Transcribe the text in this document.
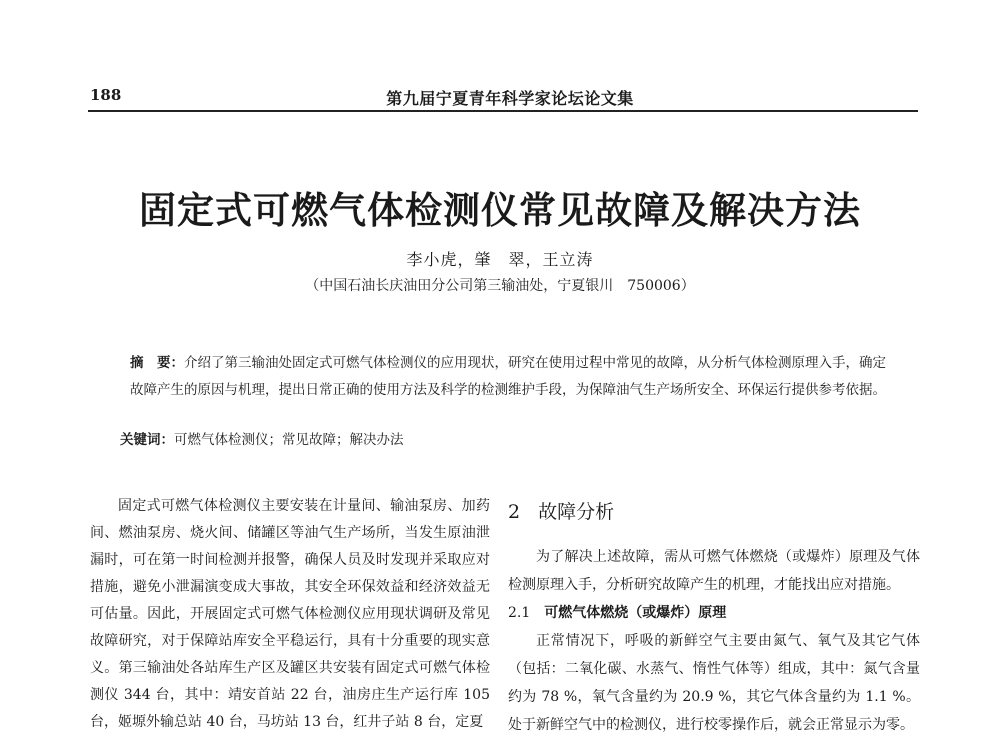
188	第九届宁夏青年科学家论坛论文集
固定式可燃气体检测仪常见故障及解决方法
李小虎，肇　翠，王立涛
（中国石油长庆油田分公司第三输油处，宁夏银川　750006）
摘　要：介绍了第三输油处固定式可燃气体检测仪的应用现状，研究在使用过程中常见的故障，从分析气体检测原理入手，确定故障产生的原因与机理，提出日常正确的使用方法及科学的检测维护手段，为保障油气生产场所安全、环保运行提供参考依据。
关键词：可燃气体检测仪；常见故障；解决办法

固定式可燃气体检测仪主要安装在计量间、输油泵房、加药间、燃油泵房、烧火间、储罐区等油气生产场所，当发生原油泄漏时，可在第一时间检测并报警，确保人员及时发现并采取应对措施，避免小泄漏演变成大事故，其安全环保效益和经济效益无可估量。因此，开展固定式可燃气体检测仪应用现状调研及常见故障研究，对于保障站库安全平稳运行，具有十分重要的现实意义。第三输油处各站库生产区及罐区共安装有固定式可燃气体检测仪 344 台，其中：靖安首站 22 台，油房庄生产运行库 105 台，姬塬外输总站 40 台，马坊站 13 台，红井子站 8 台，定夏

2 故障分析

为了解决上述故障，需从可燃气体燃烧（或爆炸）原理及气体检测原理入手，分析研究故障产生的机理，才能找出应对措施。

2.1 可燃气体燃烧（或爆炸）原理

正常情况下，呼吸的新鲜空气主要由氮气、氧气及其它气体（包括：二氧化碳、水蒸气、惰性气体等）组成，其中：氮气含量约为 78 %，氧气含量约为 20.9 %，其它气体含量约为 1.1 %。处于新鲜空气中的检测仪，进行校零操作后，就会正常显示为零。
